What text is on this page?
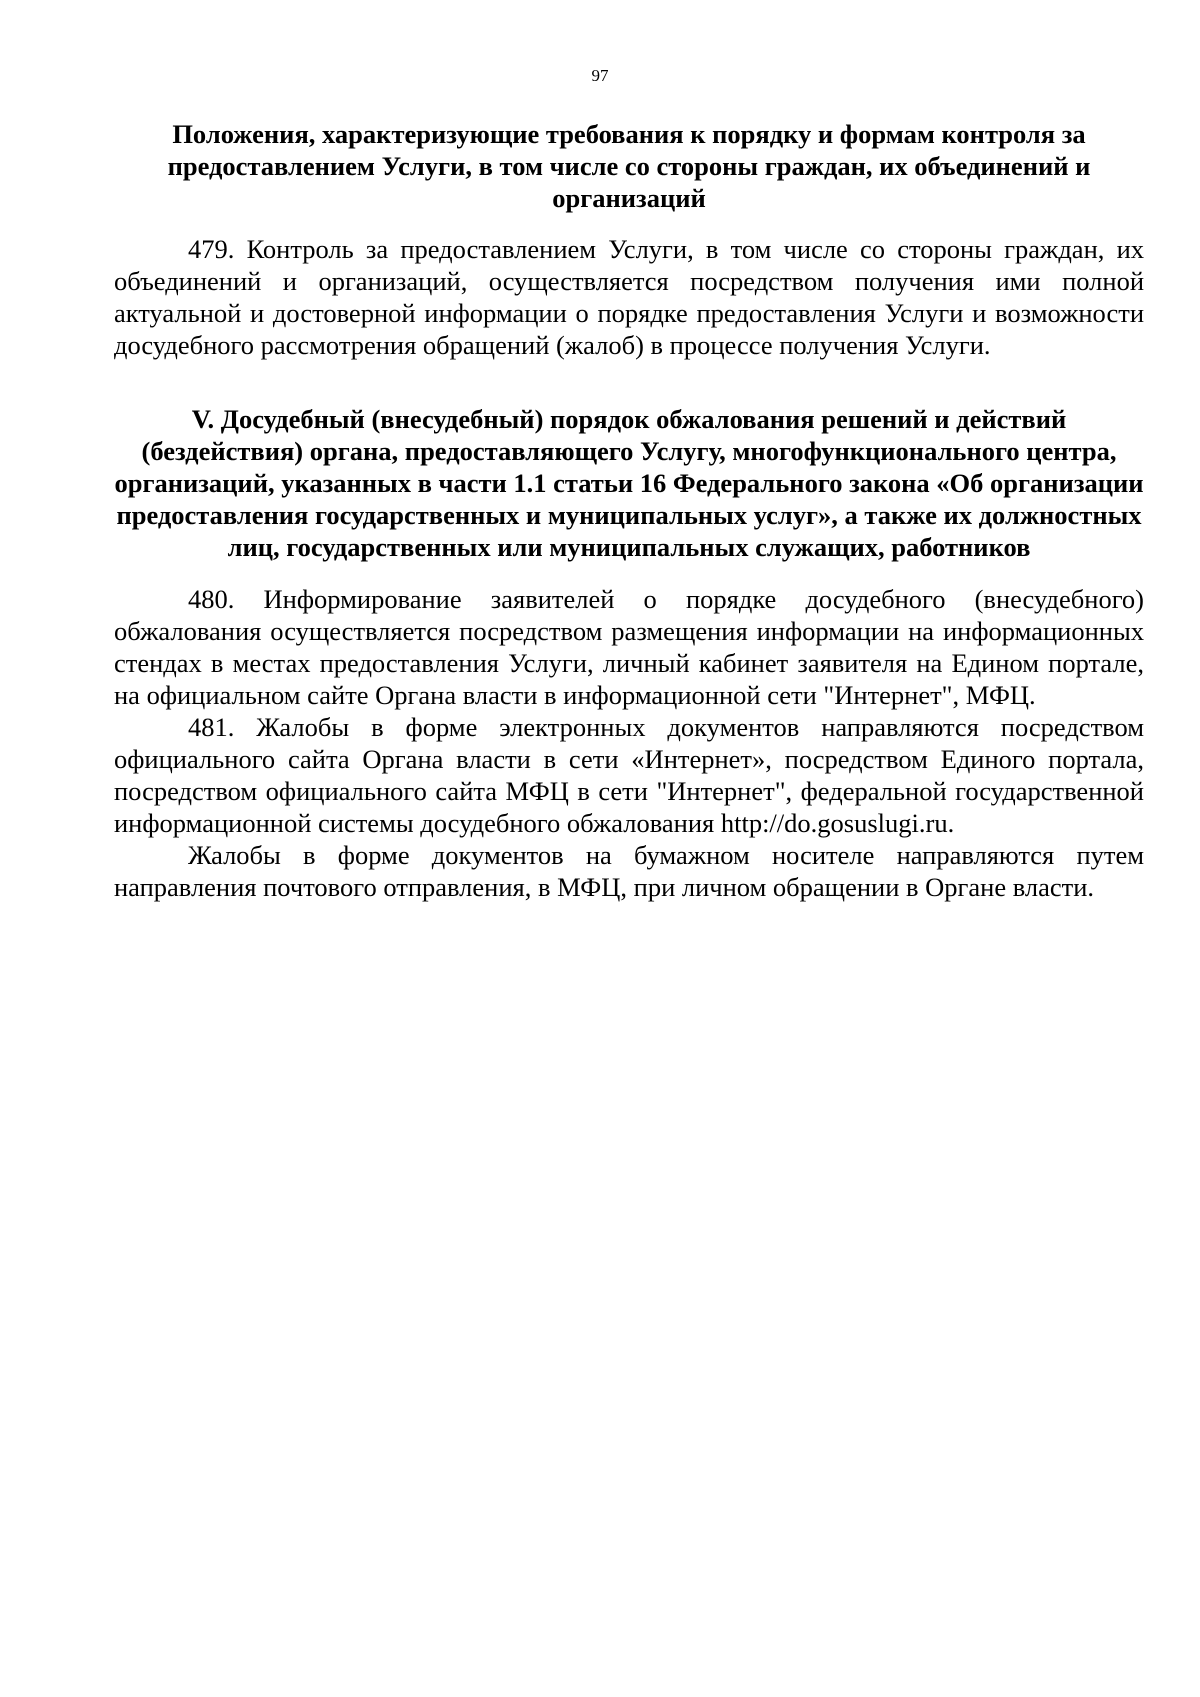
97
Положения, характеризующие требования к порядку и формам контроля за предоставлением Услуги, в том числе со стороны граждан, их объединений и организаций

479. Контроль за предоставлением Услуги, в том числе со стороны граждан, их объединений и организаций, осуществляется посредством получения ими полной актуальной и достоверной информации о порядке предоставления Услуги и возможности досудебного рассмотрения обращений (жалоб) в процессе получения Услуги.

V. Досудебный (внесудебный) порядок обжалования решений и действий (бездействия) органа, предоставляющего Услугу, многофункционального центра, организаций, указанных в части 1.1 статьи 16 Федерального закона «Об организации предоставления государственных и муниципальных услуг», а также их должностных лиц, государственных или муниципальных служащих, работников

480. Информирование заявителей о порядке досудебного (внесудебного) обжалования осуществляется посредством размещения информации на информационных стендах в местах предоставления Услуги, личный кабинет заявителя на Едином портале, на официальном сайте Органа власти в информационной сети "Интернет", МФЦ.

481. Жалобы в форме электронных документов направляются посредством официального сайта Органа власти в сети «Интернет», посредством Единого портала, посредством официального сайта МФЦ в сети "Интернет", федеральной государственной информационной системы досудебного обжалования http://do.gosuslugi.ru.

Жалобы в форме документов на бумажном носителе направляются путем направления почтового отправления, в МФЦ, при личном обращении в Органе власти.
